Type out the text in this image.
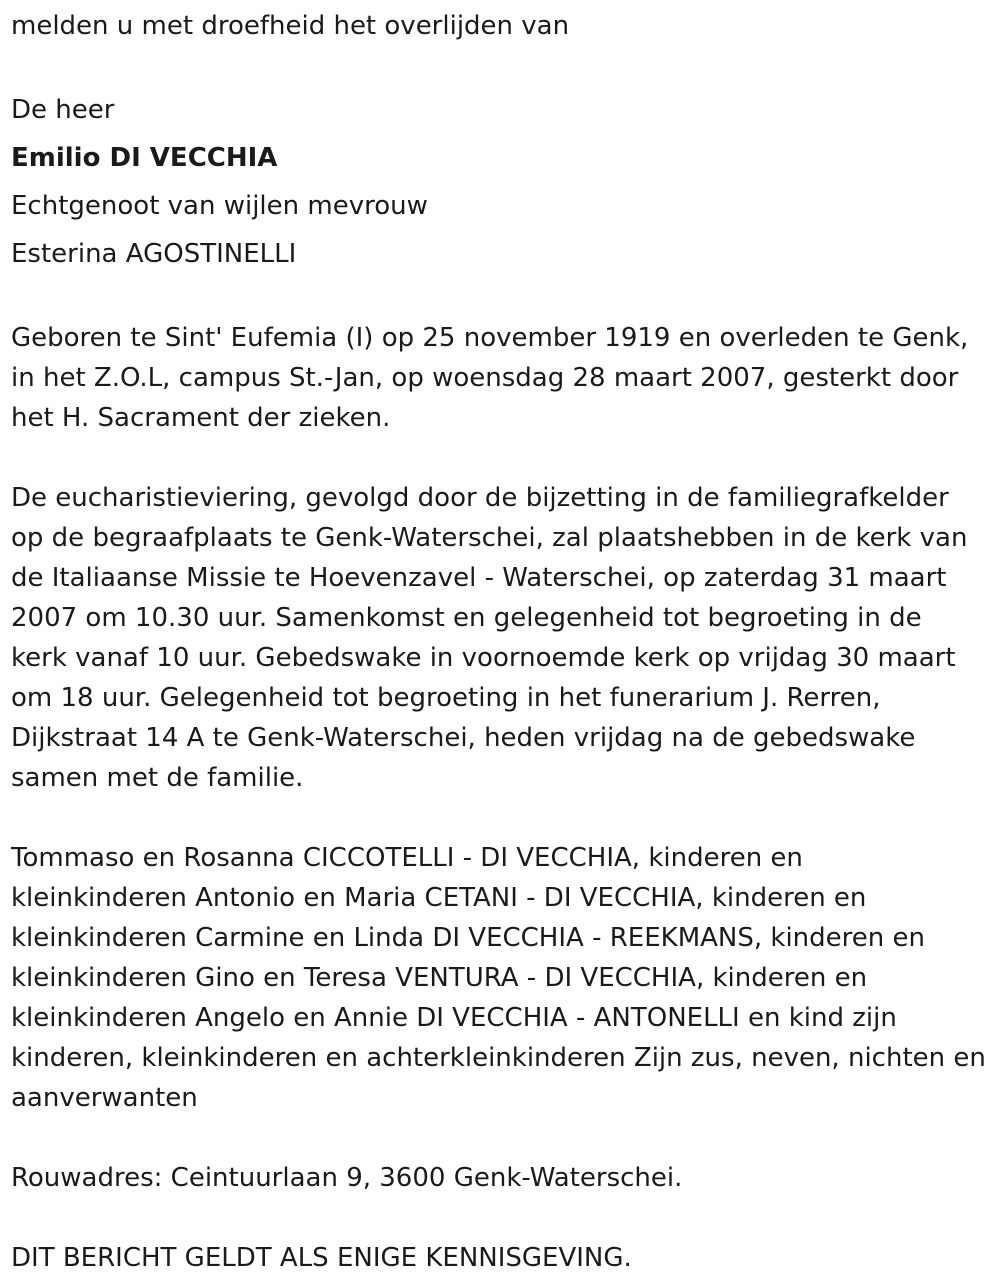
melden u met droefheid het overlijden van
De heer
Emilio DI VECCHIA
Echtgenoot van wijlen mevrouw
Esterina AGOSTINELLI
Geboren te Sint' Eufemia (I) op 25 november 1919 en overleden te Genk,
in het Z.O.L, campus St.-Jan, op woensdag 28 maart 2007, gesterkt door
het H. Sacrament der zieken.
De eucharistieviering, gevolgd door de bijzetting in de familiegrafkelder
op de begraafplaats te Genk-Waterschei, zal plaatshebben in de kerk van
de Italiaanse Missie te Hoevenzavel - Waterschei, op zaterdag 31 maart
2007 om 10.30 uur. Samenkomst en gelegenheid tot begroeting in de
kerk vanaf 10 uur. Gebedswake in voornoemde kerk op vrijdag 30 maart
om 18 uur. Gelegenheid tot begroeting in het funerarium J. Rerren,
Dijkstraat 14 A te Genk-Waterschei, heden vrijdag na de gebedswake
samen met de familie.
Tommaso en Rosanna CICCOTELLI - DI VECCHIA, kinderen en
kleinkinderen Antonio en Maria CETANI - DI VECCHIA, kinderen en
kleinkinderen Carmine en Linda DI VECCHIA - REEKMANS, kinderen en
kleinkinderen Gino en Teresa VENTURA - DI VECCHIA, kinderen en
kleinkinderen Angelo en Annie DI VECCHIA - ANTONELLI en kind zijn
kinderen, kleinkinderen en achterkleinkinderen Zijn zus, neven, nichten en
aanverwanten
Rouwadres: Ceintuurlaan 9, 3600 Genk-Waterschei.
DIT BERICHT GELDT ALS ENIGE KENNISGEVING.
